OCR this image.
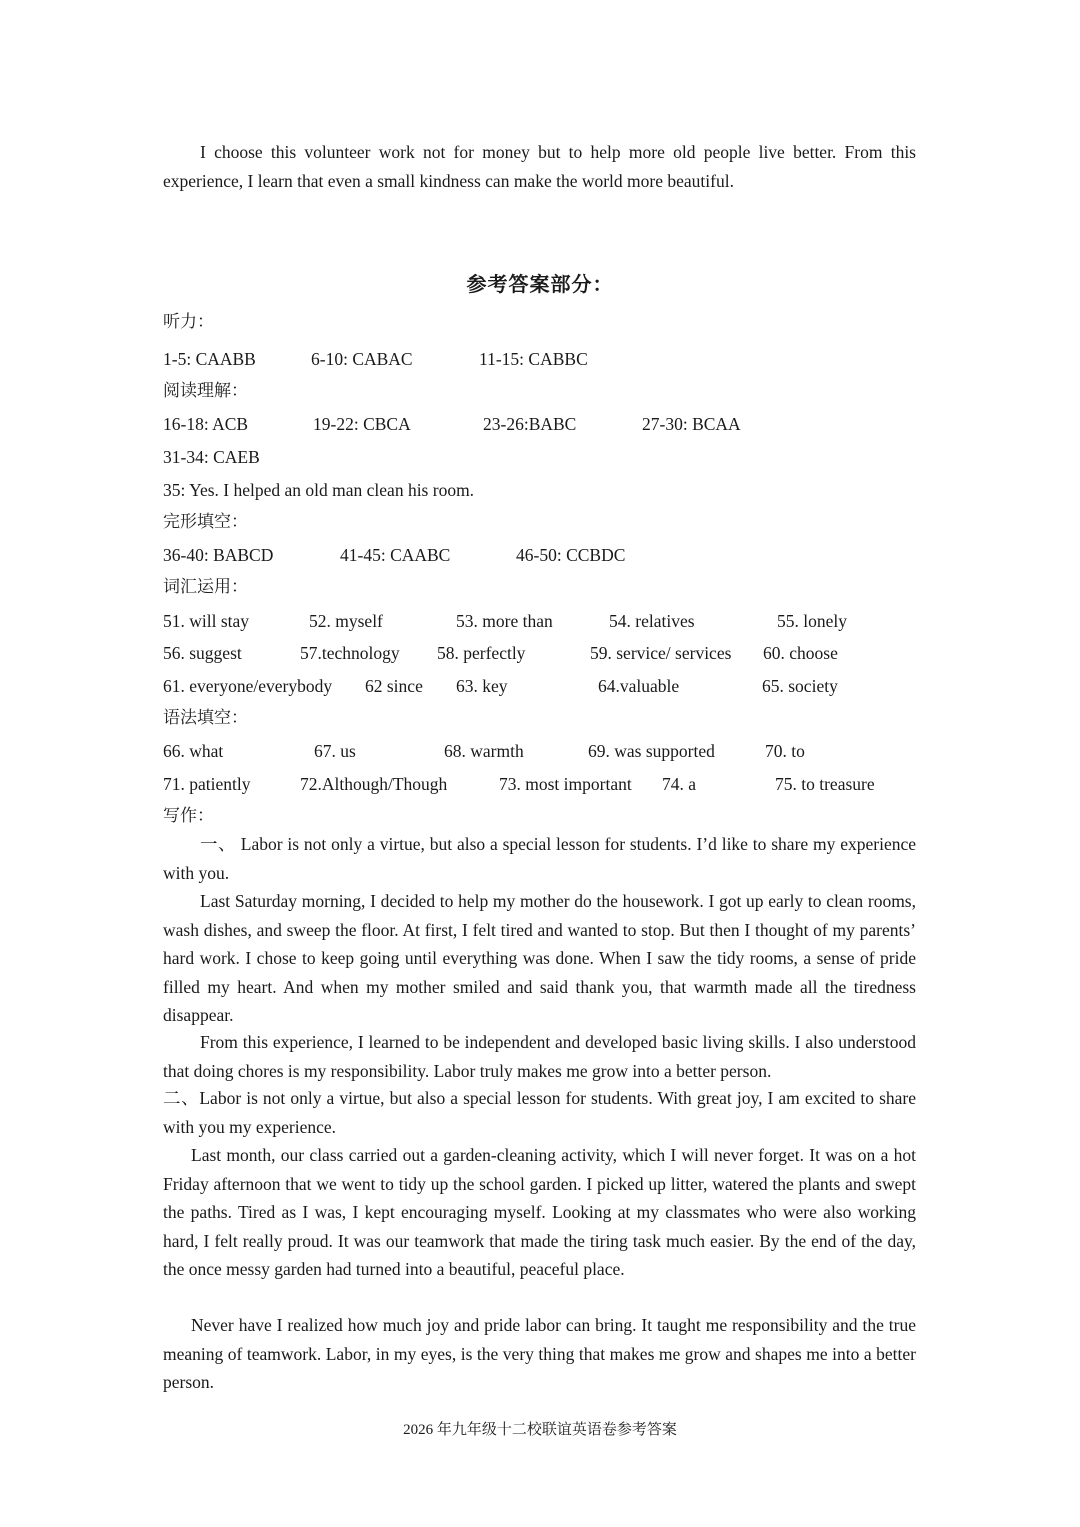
I choose this volunteer work not for money but to help more old people live better. From this experience, I learn that even a small kindness can make the world more beautiful.

参考答案部分：
听力：
1-5: CAABB	6-10: CABAC	11-15: CABBC
阅读理解：
16-18: ACB	19-22: CBCA	23-26:BABC	27-30: BCAA
31-34: CAEB
35: Yes. I helped an old man clean his room.
完形填空：
36-40: BABCD	41-45: CAABC	46-50: CCBDC
词汇运用：
51. will stay	52. myself	53. more than	54. relatives	55. lonely
56. suggest	57.technology 58. perfectly	59. service/ services 60. choose
61. everyone/everybody 62 since 63. key	64.valuable	65. society
语法填空：
66. what	67. us	68. warmth	69. was supported	70. to
71. patiently	72.Although/Though	73. most important 74. a	75. to treasure
写作：

一、 Labor is not only a virtue, but also a special lesson for students. I’d like to share my experience with you.

Last Saturday morning, I decided to help my mother do the housework. I got up early to clean rooms, wash dishes, and sweep the floor. At first, I felt tired and wanted to stop. But then I thought of my parents’ hard work. I chose to keep going until everything was done. When I saw the tidy rooms, a sense of pride filled my heart. And when my mother smiled and said thank you, that warmth made all the tiredness disappear.

From this experience, I learned to be independent and developed basic living skills. I also understood that doing chores is my responsibility. Labor truly makes me grow into a better person.

二、Labor is not only a virtue, but also a special lesson for students. With great joy, I am excited to share with you my experience.

Last month, our class carried out a garden-cleaning activity, which I will never forget. It was on a hot Friday afternoon that we went to tidy up the school garden. I picked up litter, watered the plants and swept the paths. Tired as I was, I kept encouraging myself. Looking at my classmates who were also working hard, I felt really proud. It was our teamwork that made the tiring task much easier. By the end of the day, the once messy garden had turned into a beautiful, peaceful place.

Never have I realized how much joy and pride labor can bring. It taught me responsibility and the true meaning of teamwork. Labor, in my eyes, is the very thing that makes me grow and shapes me into a better person.

2026 年九年级十二校联谊英语卷参考答案
